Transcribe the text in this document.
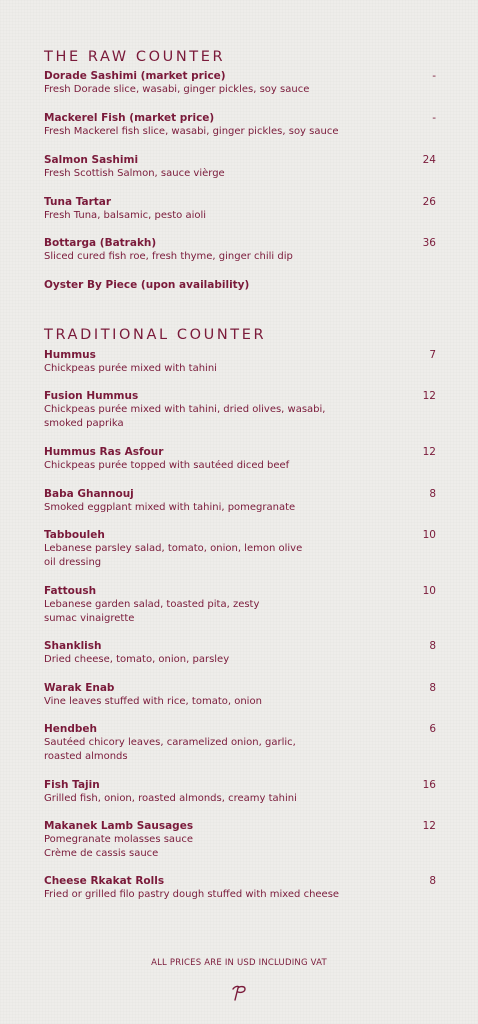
THE RAW COUNTER
Dorade Sashimi (market price)
Fresh Dorade slice, wasabi, ginger pickles, soy sauce
-
Mackerel Fish (market price)
Fresh Mackerel fish slice, wasabi, ginger pickles, soy sauce
-
Salmon Sashimi
Fresh Scottish Salmon, sauce vièrge
24
Tuna Tartar
Fresh Tuna, balsamic, pesto aioli
26
Bottarga (Batrakh)
Sliced cured fish roe, fresh thyme, ginger chili dip
36
Oyster By Piece (upon availability)
TRADITIONAL COUNTER
Hummus
Chickpeas purée mixed with tahini
7
Fusion Hummus
Chickpeas purée mixed with tahini, dried olives, wasabi,
smoked paprika
12
Hummus Ras Asfour
Chickpeas purée topped with sautéed diced beef
12
Baba Ghannouj
Smoked eggplant mixed with tahini, pomegranate
8
Tabbouleh
Lebanese parsley salad, tomato, onion, lemon olive
oil dressing
10
Fattoush
Lebanese garden salad, toasted pita, zesty
sumac vinaigrette
10
Shanklish
Dried cheese, tomato, onion, parsley
8
Warak Enab
Vine leaves stuffed with rice, tomato, onion
8
Hendbeh
Sautéed chicory leaves, caramelized onion, garlic,
roasted almonds
6
Fish Tajin
Grilled fish, onion, roasted almonds, creamy tahini
16
Makanek Lamb Sausages
Pomegranate molasses sauce
Crème de cassis sauce
12
Cheese Rkakat Rolls
Fried or grilled filo pastry dough stuffed with mixed cheese
8
ALL PRICES ARE IN USD INCLUDING VAT
